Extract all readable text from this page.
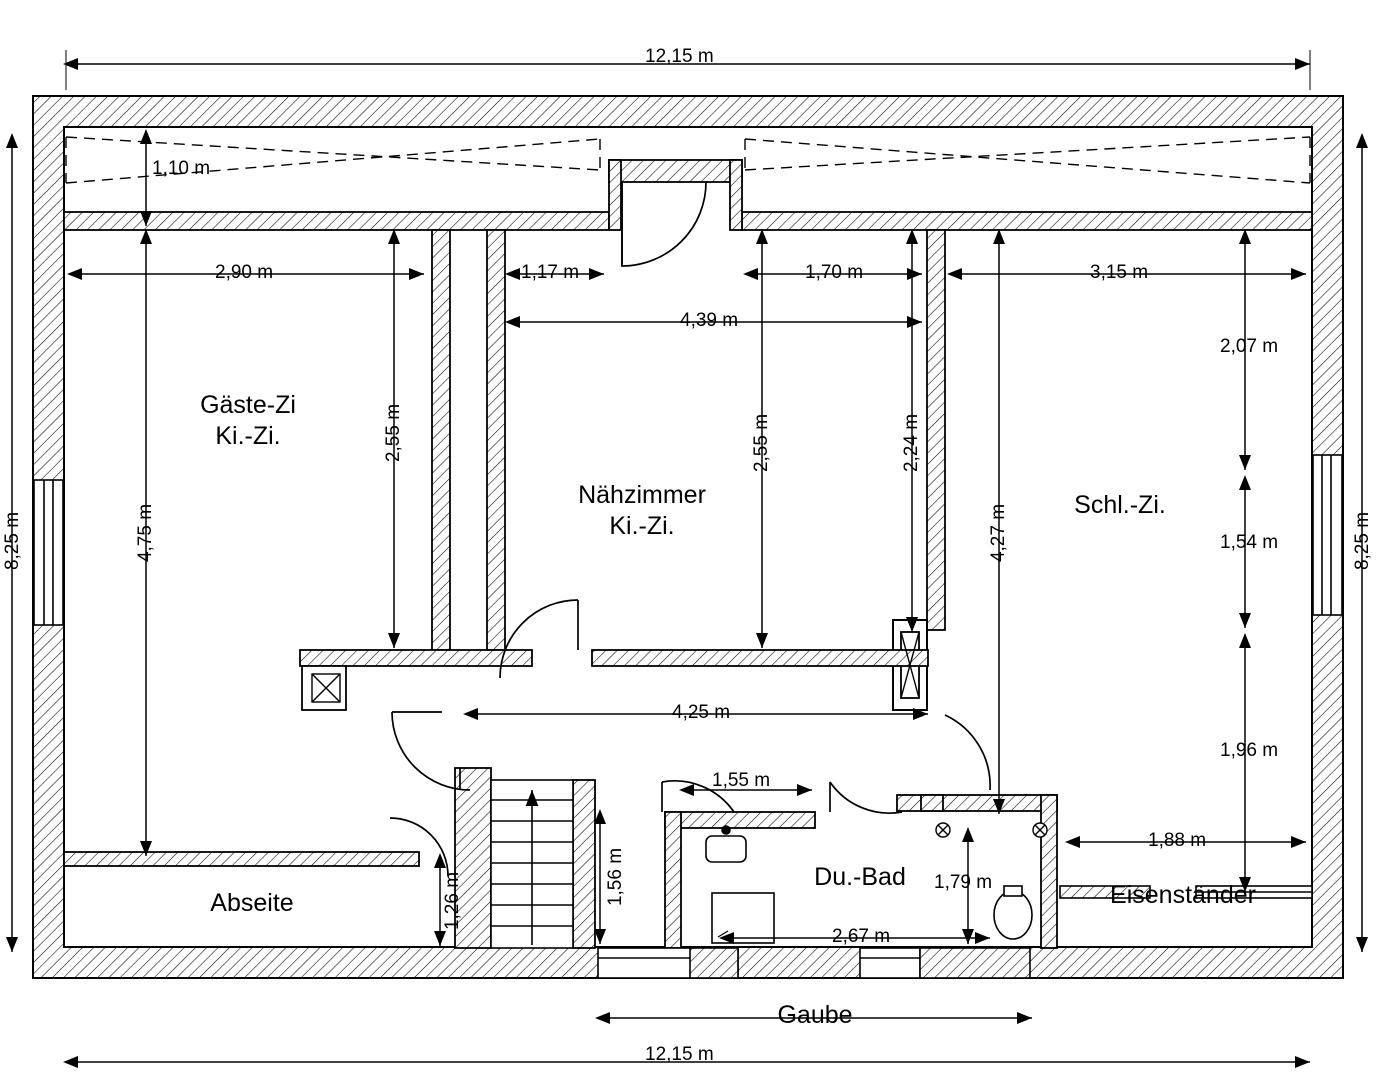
Gäste-Zi
Ki.-Zi.
Nähzimmer
Ki.-Zi.
Schl.-Zi.
Du.-Bad
Abseite	Eisenständer
Gaube
12,15 m
12,15 m
8,25 m	8,25 m
1,10 m
2,90 m	1,17 m	1,70 m	3,15 m
4,39 m
4,75 m
2,55 m	2,55 m	2,24 m
4,27 m
2,07 m
1,54 m
1,96 m
4,25 m
1,55 m
1,56 m
1,26 m
2,67 m
1,79 m
1,88 m
